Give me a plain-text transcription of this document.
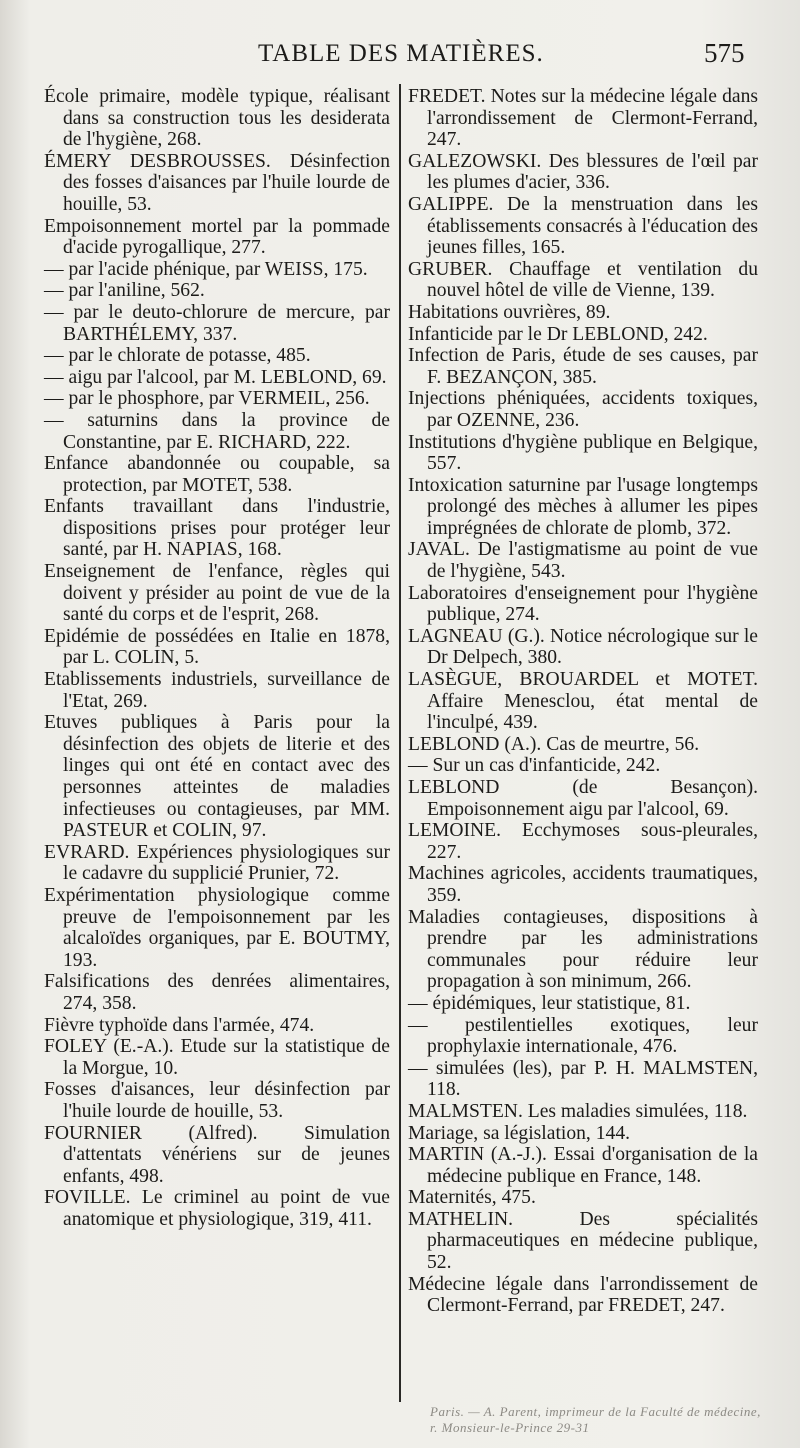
TABLE DES MATIÈRES.	575

École primaire, modèle typique, réalisant dans sa construction tous les desiderata de l'hygiène, 268.

ÉMERY DESBROUSSES. Désinfection des fosses d'aisances par l'huile lourde de houille, 53.

Empoisonnement mortel par la pommade d'acide pyrogallique, 277.

— par l'acide phénique, par WEISS, 175.

— par l'aniline, 562.

— par le deuto-chlorure de mercure, par BARTHÉLEMY, 337.

— par le chlorate de potasse, 485.

— aigu par l'alcool, par M. LEBLOND, 69.

— par le phosphore, par VERMEIL, 256.

— saturnins dans la province de Constantine, par E. RICHARD, 222.

Enfance abandonnée ou coupable, sa protection, par MOTET, 538.

Enfants travaillant dans l'industrie, dispositions prises pour protéger leur santé, par H. NAPIAS, 168.

Enseignement de l'enfance, règles qui doivent y présider au point de vue de la santé du corps et de l'esprit, 268.

Epidémie de possédées en Italie en 1878, par L. COLIN, 5.

Etablissements industriels, surveillance de l'Etat, 269.

Etuves publiques à Paris pour la désinfection des objets de literie et des linges qui ont été en contact avec des personnes atteintes de maladies infectieuses ou contagieuses, par MM. PASTEUR et COLIN, 97.

EVRARD. Expériences physiologiques sur le cadavre du supplicié Prunier, 72.

Expérimentation physiologique comme preuve de l'empoisonnement par les alcaloïdes organiques, par E. BOUTMY, 193.

Falsifications des denrées alimentaires, 274, 358.

Fièvre typhoïde dans l'armée, 474.

FOLEY (E.-A.). Etude sur la statistique de la Morgue, 10.

Fosses d'aisances, leur désinfection par l'huile lourde de houille, 53.

FOURNIER (Alfred). Simulation d'attentats vénériens sur de jeunes enfants, 498.

FOVILLE. Le criminel au point de vue anatomique et physiologique, 319, 411.

FREDET. Notes sur la médecine légale dans l'arrondissement de Clermont-Ferrand, 247.

GALEZOWSKI. Des blessures de l'œil par les plumes d'acier, 336.

GALIPPE. De la menstruation dans les établissements consacrés à l'éducation des jeunes filles, 165.

GRUBER. Chauffage et ventilation du nouvel hôtel de ville de Vienne, 139.

Habitations ouvrières, 89.

Infanticide par le Dr LEBLOND, 242.

Infection de Paris, étude de ses causes, par F. BEZANÇON, 385.

Injections phéniquées, accidents toxiques, par OZENNE, 236.

Institutions d'hygiène publique en Belgique, 557.

Intoxication saturnine par l'usage longtemps prolongé des mèches à allumer les pipes imprégnées de chlorate de plomb, 372.

JAVAL. De l'astigmatisme au point de vue de l'hygiène, 543.

Laboratoires d'enseignement pour l'hygiène publique, 274.

LAGNEAU (G.). Notice nécrologique sur le Dr Delpech, 380.

LASÈGUE, BROUARDEL et MOTET. Affaire Menesclou, état mental de l'inculpé, 439.

LEBLOND (A.). Cas de meurtre, 56.

— Sur un cas d'infanticide, 242.

LEBLOND (de Besançon). Empoisonnement aigu par l'alcool, 69.

LEMOINE. Ecchymoses sous-pleurales, 227.

Machines agricoles, accidents traumatiques, 359.

Maladies contagieuses, dispositions à prendre par les administrations communales pour réduire leur propagation à son minimum, 266.

— épidémiques, leur statistique, 81.

— pestilentielles exotiques, leur prophylaxie internationale, 476.

— simulées (les), par P. H. MALMSTEN, 118.

MALMSTEN. Les maladies simulées, 118.

Mariage, sa législation, 144.

MARTIN (A.-J.). Essai d'organisation de la médecine publique en France, 148.

Maternités, 475.

MATHELIN. Des spécialités pharmaceutiques en médecine publique, 52.

Médecine légale dans l'arrondissement de Clermont-Ferrand, par FREDET, 247.

Paris. — A. Parent, imprimeur de la Faculté de médecine, r. Monsieur-le-Prince 29-31
